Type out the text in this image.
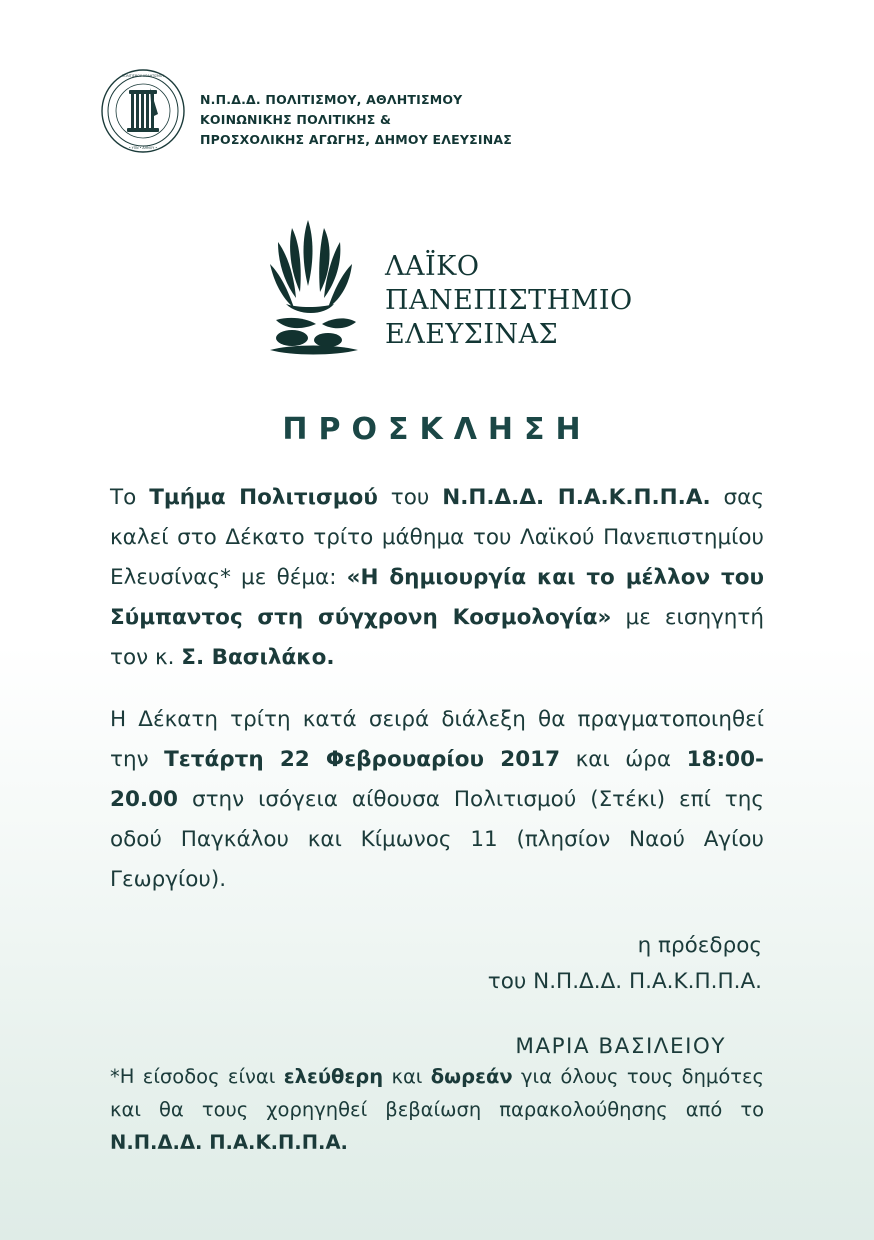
ΠΟΛΙΤΙΣΜΟΥ ΑΘΛΗΤΙΣΜΟΥ
• ΥΠΝ • ΔΗΜΟΥ •
Ν.Π.Δ.Δ. ΠΟΛΙΤΙΣΜΟΥ, ΑΘΛΗΤΙΣΜΟΥ
ΚΟΙΝΩΝΙΚΗΣ ΠΟΛΙΤΙΚΗΣ &
ΠΡΟΣΧΟΛΙΚΗΣ ΑΓΩΓΗΣ, ΔΗΜΟΥ ΕΛΕΥΣΙΝΑΣ
ΛΑΪΚΟ
ΠΑΝΕΠΙΣΤΗΜΙΟ
ΕΛΕΥΣΙΝΑΣ
ΠΡΟΣΚΛΗΣΗ

Το Τμήμα Πολιτισμού του Ν.Π.Δ.Δ. Π.Α.Κ.Π.Π.Α. σας καλεί στο Δέκατο τρίτο μάθημα του Λαϊκού Πανεπιστημίου Ελευσίνας* με θέμα: «Η δημιουργία και το μέλλον του Σύμπαντος στη σύγχρονη Κοσμολογία» με εισηγητή τον κ. Σ. Βασιλάκο.

Η Δέκατη τρίτη κατά σειρά διάλεξη θα πραγματοποιηθεί την Τετάρτη 22 Φεβρουαρίου 2017 και ώρα 18:00-20.00 στην ισόγεια αίθουσα Πολιτισμού (Στέκι) επί της οδού Παγκάλου και Κίμωνος 11 (πλησίον Ναού Αγίου Γεωργίου).

η πρόεδρος
του Ν.Π.Δ.Δ. Π.Α.Κ.Π.Π.Α.
ΜΑΡΙΑ ΒΑΣΙΛΕΙΟΥ
*Η είσοδος είναι ελεύθερη και δωρεάν για όλους τους δημότες και θα τους χορηγηθεί βεβαίωση παρακολούθησης από το Ν.Π.Δ.Δ. Π.Α.Κ.Π.Π.Α.
